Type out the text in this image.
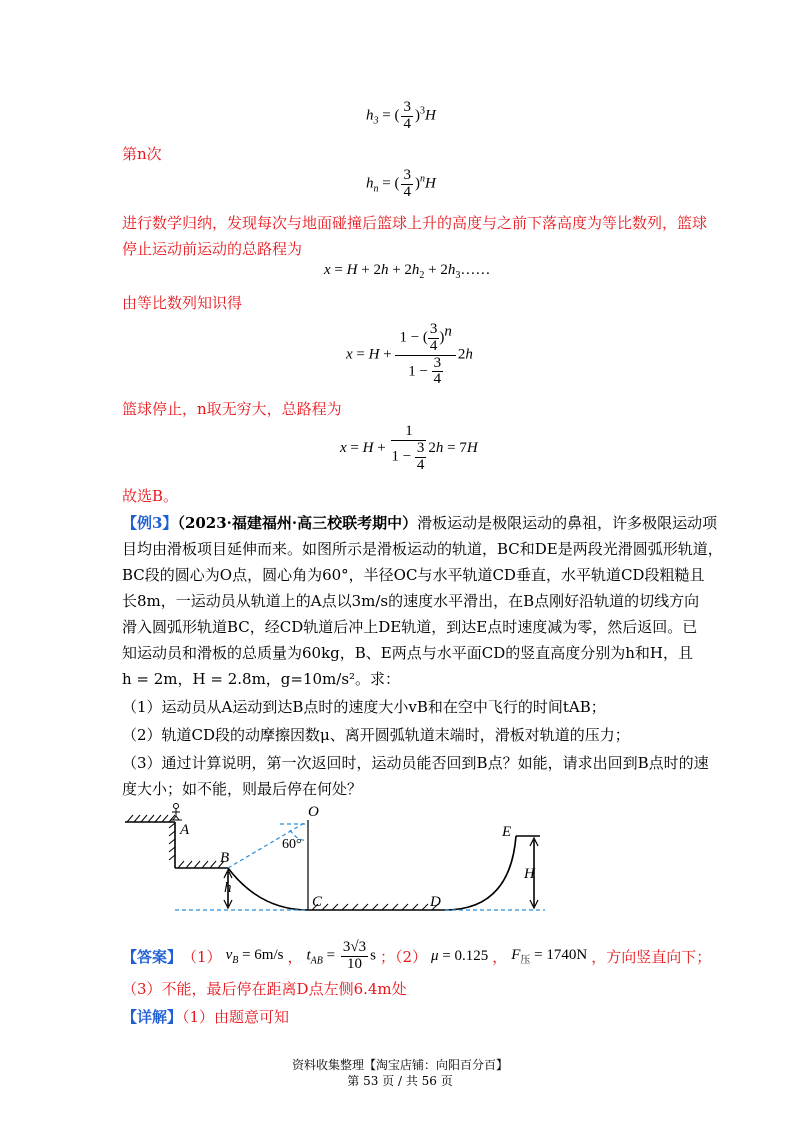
$h_3$ = ( $\frac{3}{4} )^3H$
第n次
$h_n$ = ( $\frac{3}{4} )^nH$
进行数学归纳，发现每次与地面碰撞后篮球上升的高度与之前下落高度为等比数列，篮球
停止运动前运动的总路程为
$x = H + 2h + 2h_2$ + $2h_3\dots\dots$
由等比数列知识得
$x = H + \frac{1 - ( \frac{3}{4} )^n}{1 - \frac{3}{4}} 2h$
篮球停止，n取无穷大，总路程为
$x = H + \frac{1}{1 - \frac{3}{4}} 2h = 7H$
故选B。
【例3】（2023·福建福州·高三校联考期中）滑板运动是极限运动的鼻祖，许多极限运动项
目均由滑板项目延伸而来。如图所示是滑板运动的轨道，BC和DE是两段光滑圆弧形轨道，
BC段的圆心为O点，圆心角为60°，半径OC与水平轨道CD垂直，水平轨道CD段粗糙且
长8m，一运动员从轨道上的A点以3m/s的速度水平滑出，在B点刚好沿轨道的切线方向
滑入圆弧形轨道BC，经CD轨道后冲上DE轨道，到达E点时速度减为零，然后返回。已
知运动员和滑板的总质量为60kg，B、E两点与水平面CD的竖直高度分别为h和H，且
h = 2m，H = 2.8m，g=10m/s²。求：
（1）运动员从A运动到达B点时的速度大小vB和在空中飞行的时间tAB；
（2）轨道CD段的动摩擦因数μ、离开圆弧轨道末端时，滑板对轨道的压力；
（3）通过计算说明，第一次返回时，运动员能否回到B点？如能，请求出回到B点时的速
度大小；如不能，则最后停在何处？
A
B
C	D
E
O
h
H
60°
【答案】 （1） $v_B = 6m/s$ ， $t_{AB} = \frac{3√3}{10}$ s ；（2） μ = 0.125 ， $F_压 = 1740N$ ，方向竖直向下；
（3）不能，最后停在距离D点左侧6.4m处
【详解】（1）由题意可知
资料收集整理【淘宝店铺：向阳百分百】
第 53 页 / 共 56 页
